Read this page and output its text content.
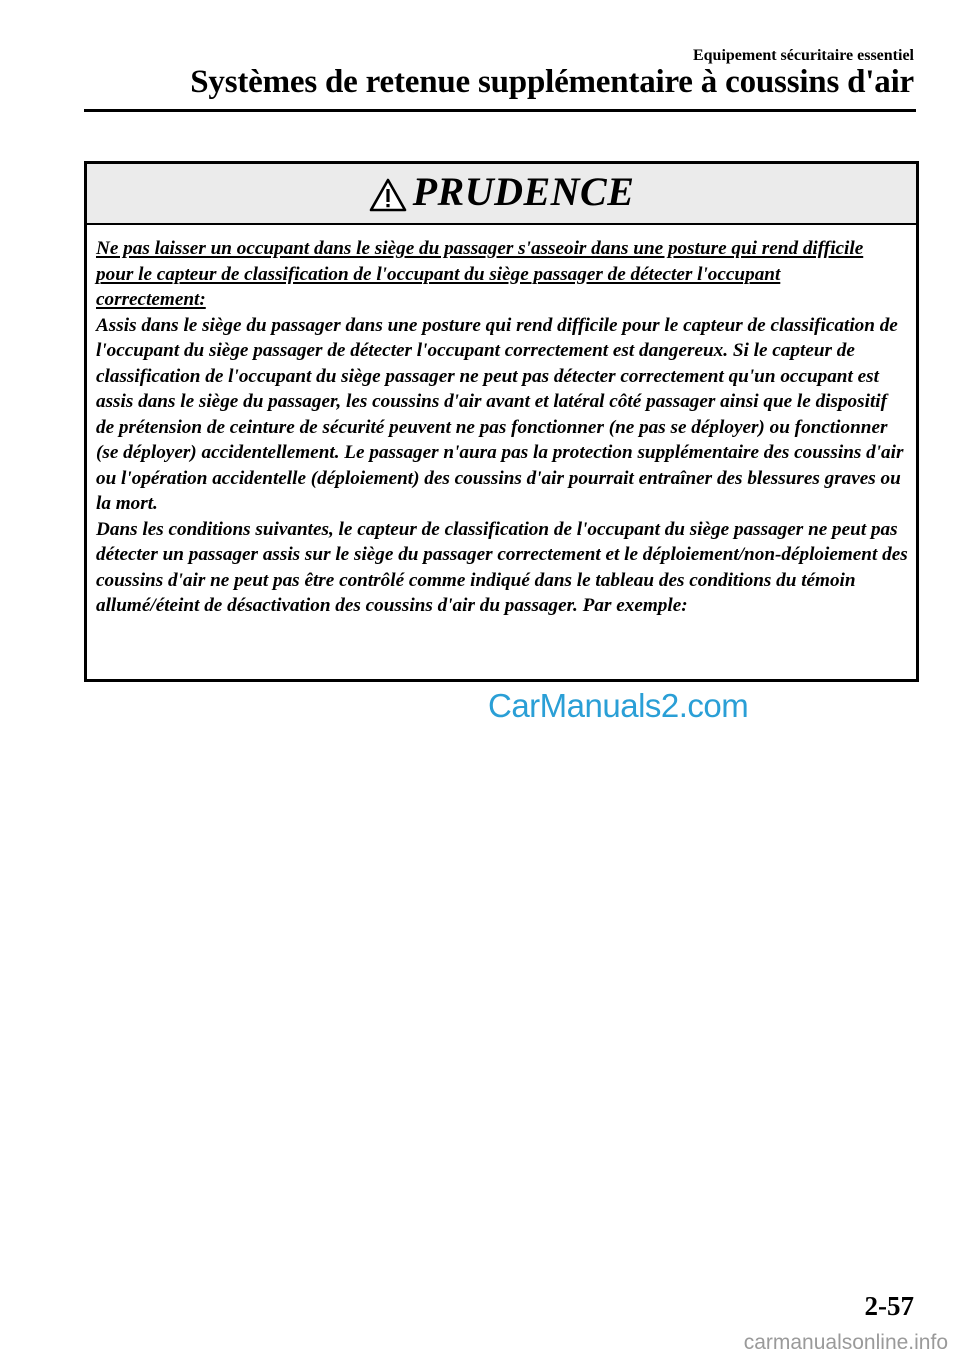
Equipement sécuritaire essentiel
Systèmes de retenue supplémentaire à coussins d'air
PRUDENCE

Ne pas laisser un occupant dans le siège du passager s'asseoir dans une posture qui rend difficile pour le capteur de classification de l'occupant du siège passager de détecter l'occupant correctement:

Assis dans le siège du passager dans une posture qui rend difficile pour le capteur de classification de l'occupant du siège passager de détecter l'occupant correctement est dangereux. Si le capteur de classification de l'occupant du siège passager ne peut pas détecter correctement qu'un occupant est assis dans le siège du passager, les coussins d'air avant et latéral côté passager ainsi que le dispositif de prétension de ceinture de sécurité peuvent ne pas fonctionner (ne pas se déployer) ou fonctionner (se déployer) accidentellement. Le passager n'aura pas la protection supplémentaire des coussins d'air ou l'opération accidentelle (déploiement) des coussins d'air pourrait entraîner des blessures graves ou la mort.

Dans les conditions suivantes, le capteur de classification de l'occupant du siège passager ne peut pas détecter un passager assis sur le siège du passager correctement et le déploiement/non-déploiement des coussins d'air ne peut pas être contrôlé comme indiqué dans le tableau des conditions du témoin allumé/éteint de désactivation des coussins d'air du passager. Par exemple:

CarManuals2.com
2-57
carmanualsonline.info
